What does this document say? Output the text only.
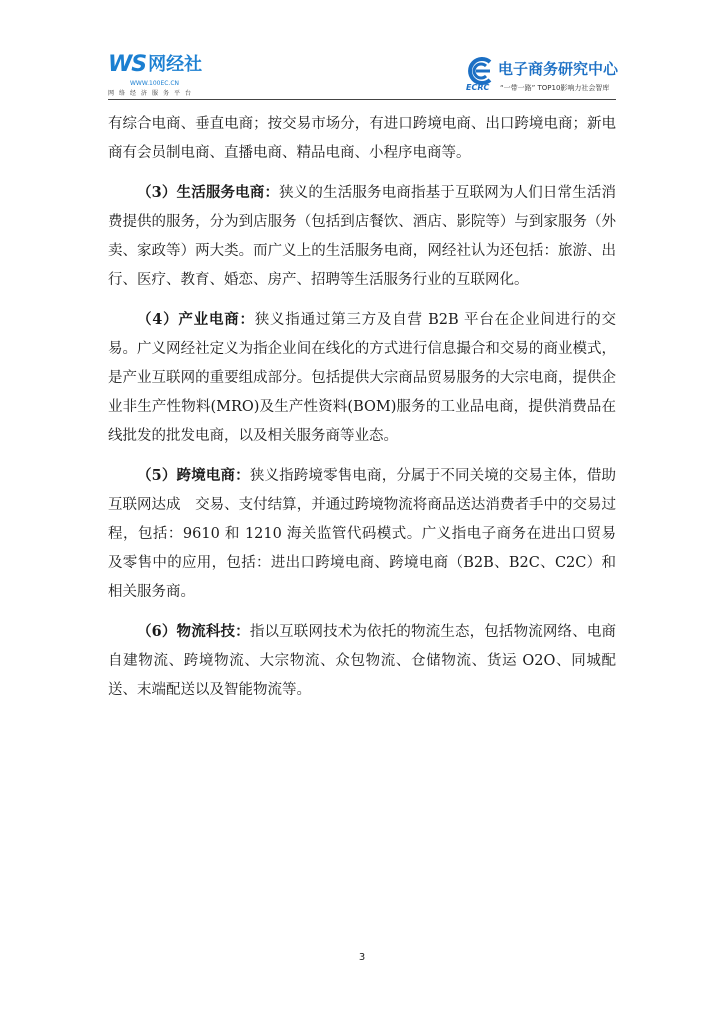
WS 网经社
WWW.100EC.CN
网络经济服务平台
电子商务研究中心
ECRC “一带一路” TOP10影响力社会智库

有综合电商、垂直电商；按交易市场分，有进口跨境电商、出口跨境电商；新电商有会员制电商、直播电商、精品电商、小程序电商等。

（3）生活服务电商：狭义的生活服务电商指基于互联网为人们日常生活消费提供的服务，分为到店服务（包括到店餐饮、酒店、影院等）与到家服务（外卖、家政等）两大类。而广义上的生活服务电商，网经社认为还包括：旅游、出行、医疗、教育、婚恋、房产、招聘等生活服务行业的互联网化。

（4）产业电商：狭义指通过第三方及自营 B2B 平台在企业间进行的交易。广义网经社定义为指企业间在线化的方式进行信息撮合和交易的商业模式，是产业互联网的重要组成部分。包括提供大宗商品贸易服务的大宗电商，提供企业非生产性物料(MRO)及生产性资料(BOM)服务的工业品电商，提供消费品在线批发的批发电商，以及相关服务商等业态。

（5）跨境电商：狭义指跨境零售电商，分属于不同关境的交易主体，借助互联网达成　交易、支付结算，并通过跨境物流将商品送达消费者手中的交易过程，包括：9610 和 1210 海关监管代码模式。广义指电子商务在进出口贸易及零售中的应用，包括：进出口跨境电商、跨境电商（B2B、B2C、C2C）和相关服务商。

（6）物流科技：指以互联网技术为依托的物流生态，包括物流网络、电商自建物流、跨境物流、大宗物流、众包物流、仓储物流、货运 O2O、同城配送、末端配送以及智能物流等。

3
